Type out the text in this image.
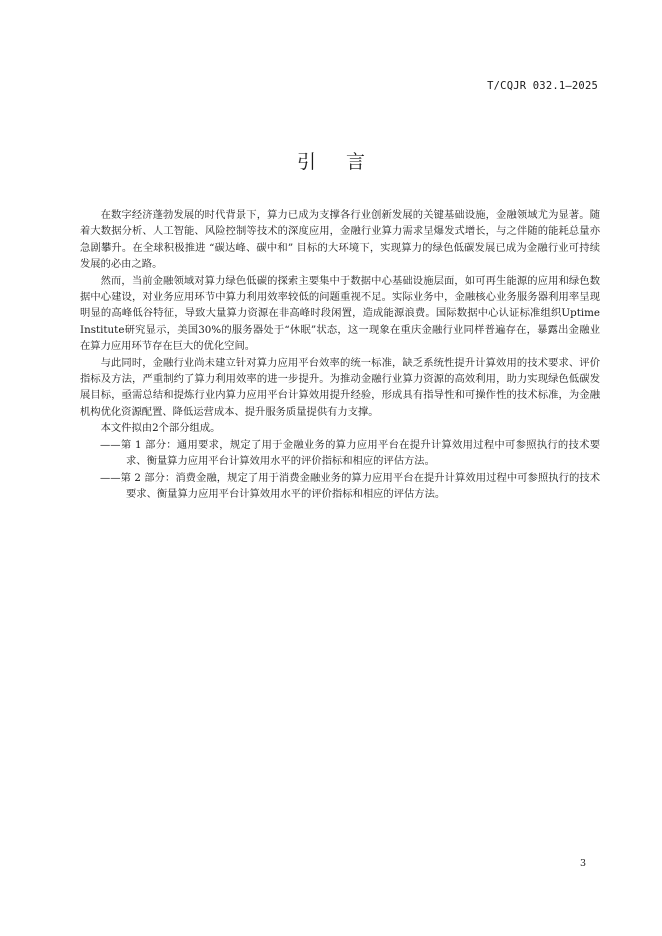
T/CQJR 032.1—2025
引言

在数字经济蓬勃发展的时代背景下，算力已成为支撑各行业创新发展的关键基础设施，金融领域尤为显著。随着大数据分析、人工智能、风险控制等技术的深度应用，金融行业算力需求呈爆发式增长，与之伴随的能耗总量亦急剧攀升。在全球积极推进 “碳达峰、碳中和” 目标的大环境下，实现算力的绿色低碳发展已成为金融行业可持续发展的必由之路。

然而，当前金融领域对算力绿色低碳的探索主要集中于数据中心基础设施层面，如可再生能源的应用和绿色数据中心建设，对业务应用环节中算力利用效率较低的问题重视不足。实际业务中，金融核心业务服务器利用率呈现明显的高峰低谷特征，导致大量算力资源在非高峰时段闲置，造成能源浪费。国际数据中心认证标准组织Uptime Institute研究显示，美国30%的服务器处于“休眠”状态，这一现象在重庆金融行业同样普遍存在，暴露出金融业在算力应用环节存在巨大的优化空间。

与此同时，金融行业尚未建立针对算力应用平台效率的统一标准，缺乏系统性提升计算效用的技术要求、评价指标及方法，严重制约了算力利用效率的进一步提升。为推动金融行业算力资源的高效利用，助力实现绿色低碳发展目标，亟需总结和提炼行业内算力应用平台计算效用提升经验，形成具有指导性和可操作性的技术标准，为金融机构优化资源配置、降低运营成本、提升服务质量提供有力支撑。

本文件拟由2个部分组成。

——第 1 部分：通用要求，规定了用于金融业务的算力应用平台在提升计算效用过程中可参照执行的技术要求、衡量算力应用平台计算效用水平的评价指标和相应的评估方法。

——第 2 部分：消费金融，规定了用于消费金融业务的算力应用平台在提升计算效用过程中可参照执行的技术要求、衡量算力应用平台计算效用水平的评价指标和相应的评估方法。

3
